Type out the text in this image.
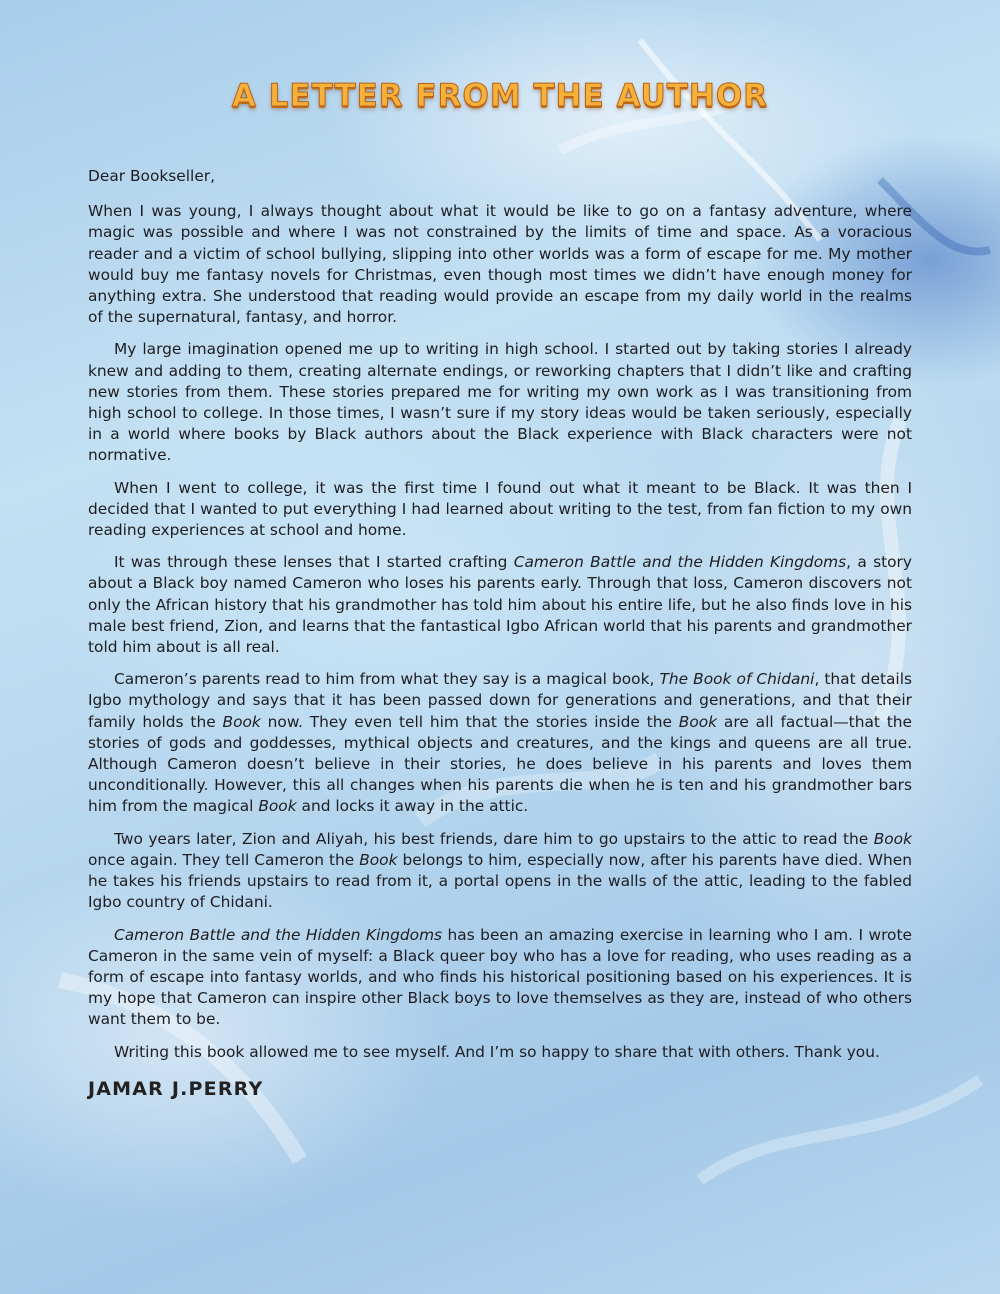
A LETTER FROM THE AUTHOR

Dear Bookseller,

When I was young, I always thought about what it would be like to go on a fantasy adventure, where magic was possible and where I was not constrained by the limits of time and space. As a voracious reader and a victim of school bullying, slipping into other worlds was a form of escape for me. My mother would buy me fantasy novels for Christmas, even though most times we didn’t have enough money for anything extra. She understood that reading would provide an escape from my daily world in the realms of the supernatural, fantasy, and horror.

My large imagination opened me up to writing in high school. I started out by taking stories I already knew and adding to them, creating alternate endings, or reworking chapters that I didn’t like and crafting new stories from them. These stories prepared me for writing my own work as I was transitioning from high school to college. In those times, I wasn’t sure if my story ideas would be taken seriously, especially in a world where books by Black authors about the Black experience with Black characters were not normative.

When I went to college, it was the first time I found out what it meant to be Black. It was then I decided that I wanted to put everything I had learned about writing to the test, from fan fiction to my own reading experiences at school and home.

It was through these lenses that I started crafting Cameron Battle and the Hidden Kingdoms, a story about a Black boy named Cameron who loses his parents early. Through that loss, Cameron discovers not only the African history that his grandmother has told him about his entire life, but he also finds love in his male best friend, Zion, and learns that the fantastical Igbo African world that his parents and grandmother told him about is all real.

Cameron’s parents read to him from what they say is a magical book, The Book of Chidani, that details Igbo mythology and says that it has been passed down for generations and generations, and that their family holds the Book now. They even tell him that the stories inside the Book are all factual—that the stories of gods and goddesses, mythical objects and creatures, and the kings and queens are all true. Although Cameron doesn’t believe in their stories, he does believe in his parents and loves them unconditionally. However, this all changes when his parents die when he is ten and his grandmother bars him from the magical Book and locks it away in the attic.

Two years later, Zion and Aliyah, his best friends, dare him to go upstairs to the attic to read the Book once again. They tell Cameron the Book belongs to him, especially now, after his parents have died. When he takes his friends upstairs to read from it, a portal opens in the walls of the attic, leading to the fabled Igbo country of Chidani.

Cameron Battle and the Hidden Kingdoms has been an amazing exercise in learning who I am. I wrote Cameron in the same vein of myself: a Black queer boy who has a love for reading, who uses reading as a form of escape into fantasy worlds, and who finds his historical positioning based on his experiences. It is my hope that Cameron can inspire other Black boys to love themselves as they are, instead of who others want them to be.

Writing this book allowed me to see myself. And I’m so happy to share that with others. Thank you.

JAMAR J.PERRY
